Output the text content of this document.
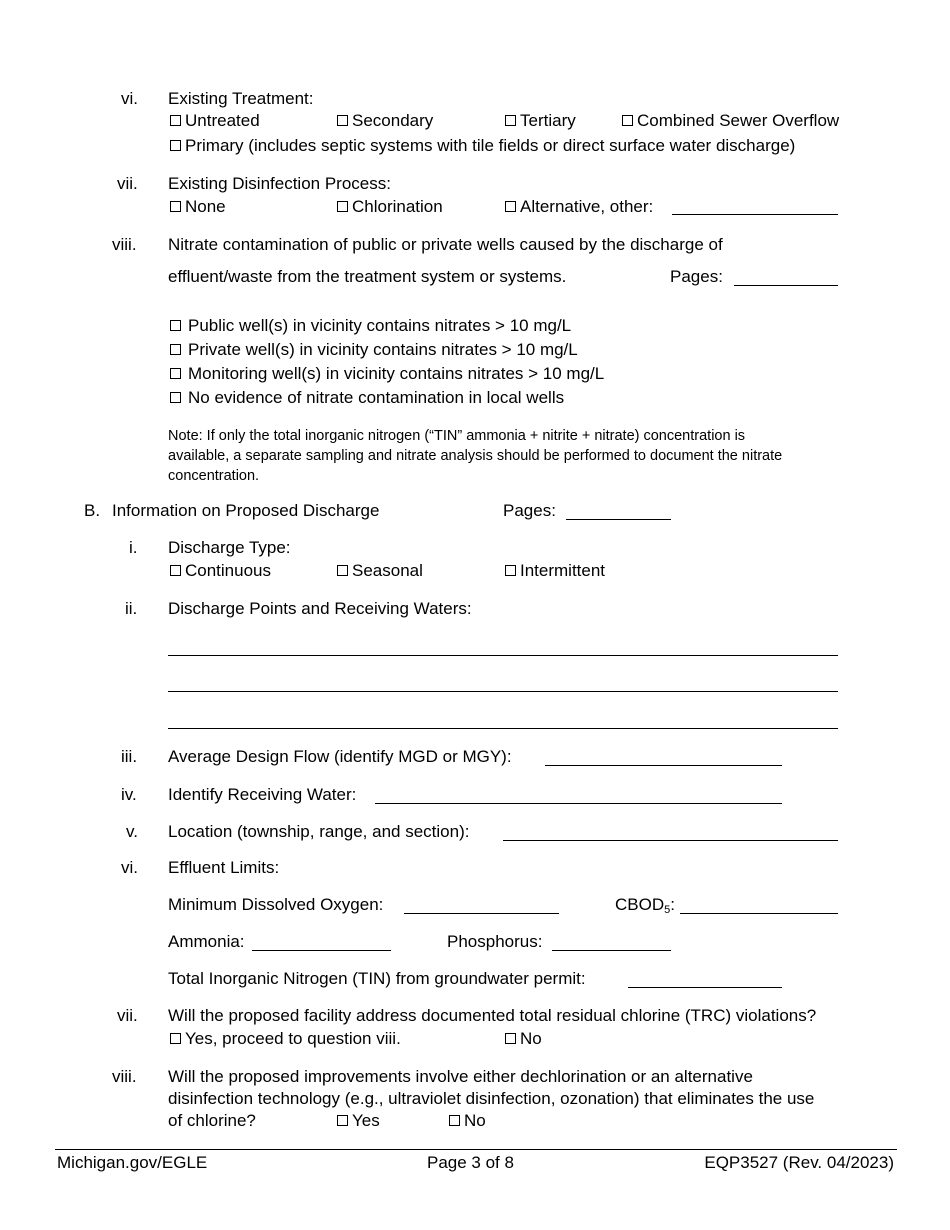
vi. Existing Treatment:
Untreated	Secondary	Tertiary	Combined Sewer Overflow
Primary (includes septic systems with tile fields or direct surface water discharge)
vii. Existing Disinfection Process:
None	Chlorination	Alternative, other:
viii. Nitrate contamination of public or private wells caused by the discharge of
effluent/waste from the treatment system or systems.	Pages:
Public well(s) in vicinity contains nitrates > 10 mg/L
Private well(s) in vicinity contains nitrates > 10 mg/L
Monitoring well(s) in vicinity contains nitrates > 10 mg/L
No evidence of nitrate contamination in local wells
Note: If only the total inorganic nitrogen (“TIN” ammonia + nitrite + nitrate) concentration is
available, a separate sampling and nitrate analysis should be performed to document the nitrate
concentration.
B. Information on Proposed Discharge	Pages:
i. Discharge Type:
Continuous	Seasonal	Intermittent
ii. Discharge Points and Receiving Waters:
iii. Average Design Flow (identify MGD or MGY):
iv. Identify Receiving Water:
v. Location (township, range, and section):
vi. Effluent Limits:
Minimum Dissolved Oxygen:	$CBOD_5$:
Ammonia:	Phosphorus:
Total Inorganic Nitrogen (TIN) from groundwater permit:
vii. Will the proposed facility address documented total residual chlorine (TRC) violations?
Yes, proceed to question viii.	No
viii. Will the proposed improvements involve either dechlorination or an alternative
disinfection technology (e.g., ultraviolet disinfection, ozonation) that eliminates the use
of chlorine?	Yes	No
Michigan.gov/EGLE	Page 3 of 8	EQP3527 (Rev. 04/2023)
